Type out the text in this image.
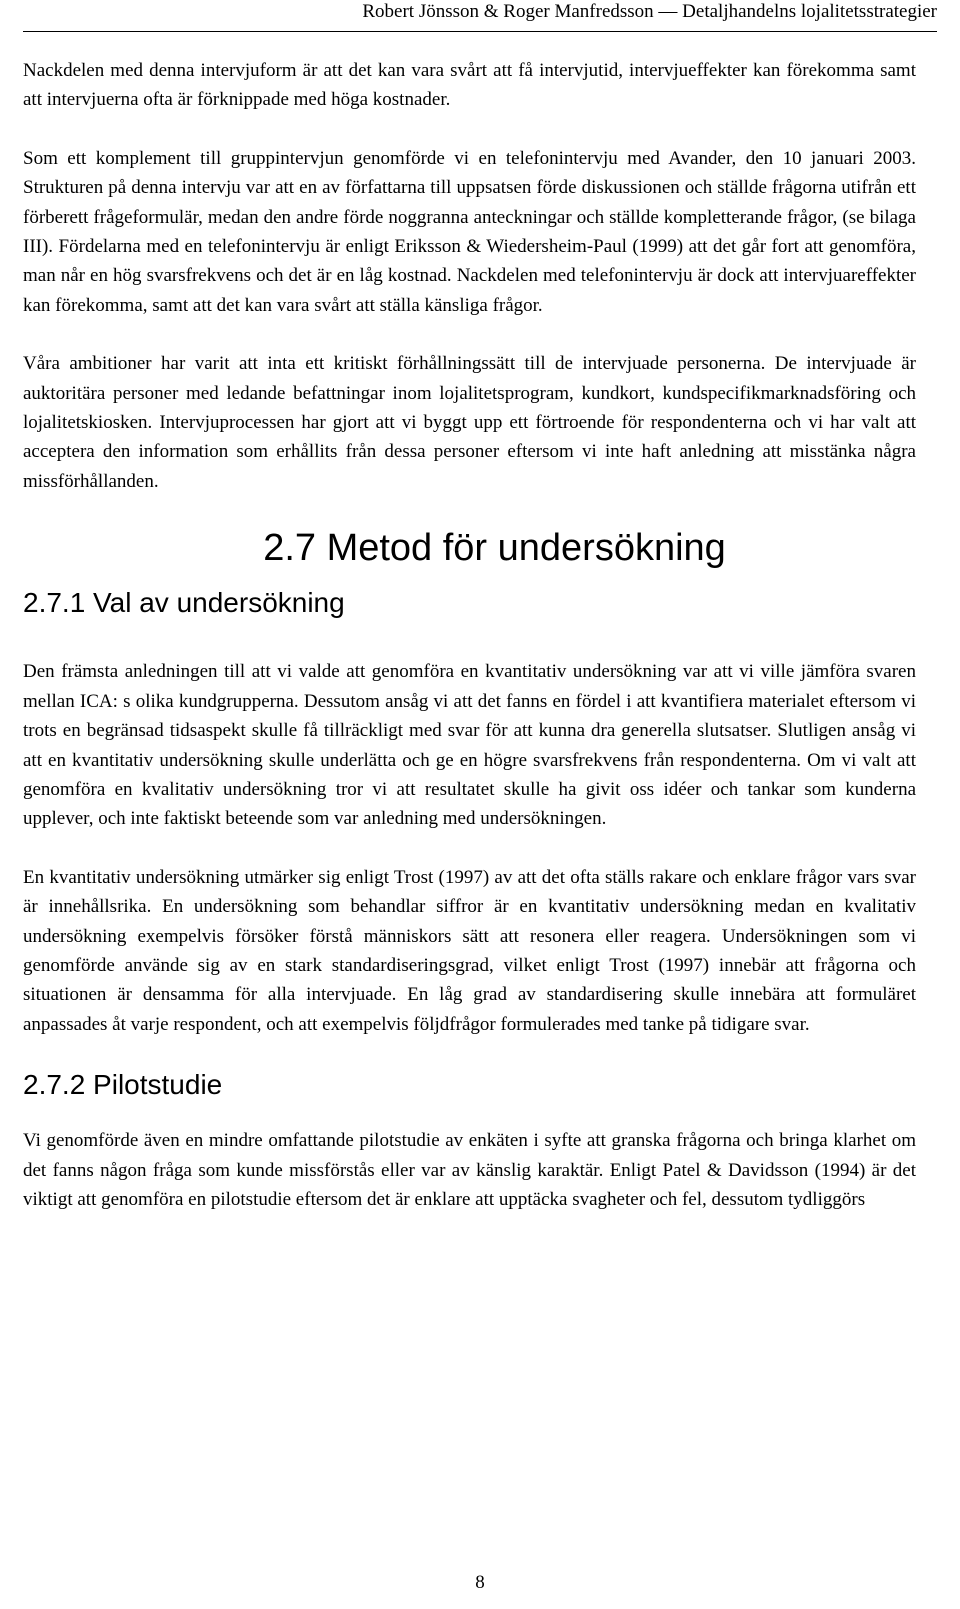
Robert Jönsson & Roger Manfredsson — Detaljhandelns lojalitetsstrategier

Nackdelen med denna intervjuform är att det kan vara svårt att få intervjutid, intervjueffekter kan förekomma samt att intervjuerna ofta är förknippade med höga kostnader.

Som ett komplement till gruppintervjun genomförde vi en telefonintervju med Avander, den 10 januari 2003. Strukturen på denna intervju var att en av författarna till uppsatsen förde diskussionen och ställde frågorna utifrån ett förberett frågeformulär, medan den andre förde noggranna anteckningar och ställde kompletterande frågor, (se bilaga III). Fördelarna med en telefonintervju är enligt Eriksson & Wiedersheim-Paul (1999) att det går fort att genomföra, man når en hög svarsfrekvens och det är en låg kostnad. Nackdelen med telefonintervju är dock att intervjuareffekter kan förekomma, samt att det kan vara svårt att ställa känsliga frågor.

Våra ambitioner har varit att inta ett kritiskt förhållningssätt till de intervjuade personerna. De intervjuade är auktoritära personer med ledande befattningar inom lojalitetsprogram, kundkort, kundspecifikmarknadsföring och lojalitetskiosken. Intervjuprocessen har gjort att vi byggt upp ett förtroende för respondenterna och vi har valt att acceptera den information som erhållits från dessa personer eftersom vi inte haft anledning att misstänka några missförhållanden.

2.7 Metod för undersökning
2.7.1 Val av undersökning

Den främsta anledningen till att vi valde att genomföra en kvantitativ undersökning var att vi ville jämföra svaren mellan ICA: s olika kundgrupperna. Dessutom ansåg vi att det fanns en fördel i att kvantifiera materialet eftersom vi trots en begränsad tidsaspekt skulle få tillräckligt med svar för att kunna dra generella slutsatser. Slutligen ansåg vi att en kvantitativ undersökning skulle underlätta och ge en högre svarsfrekvens från respondenterna. Om vi valt att genomföra en kvalitativ undersökning tror vi att resultatet skulle ha givit oss idéer och tankar som kunderna upplever, och inte faktiskt beteende som var anledning med undersökningen.

En kvantitativ undersökning utmärker sig enligt Trost (1997) av att det ofta ställs rakare och enklare frågor vars svar är innehållsrika. En undersökning som behandlar siffror är en kvantitativ undersökning medan en kvalitativ undersökning exempelvis försöker förstå människors sätt att resonera eller reagera. Undersökningen som vi genomförde använde sig av en stark standardiseringsgrad, vilket enligt Trost (1997) innebär att frågorna och situationen är densamma för alla intervjuade. En låg grad av standardisering skulle innebära att formuläret anpassades åt varje respondent, och att exempelvis följdfrågor formulerades med tanke på tidigare svar.

2.7.2 Pilotstudie

Vi genomförde även en mindre omfattande pilotstudie av enkäten i syfte att granska frågorna och bringa klarhet om det fanns någon fråga som kunde missförstås eller var av känslig karaktär. Enligt Patel & Davidsson (1994) är det viktigt att genomföra en pilotstudie eftersom det är enklare att upptäcka svagheter och fel, dessutom tydliggörs

8
